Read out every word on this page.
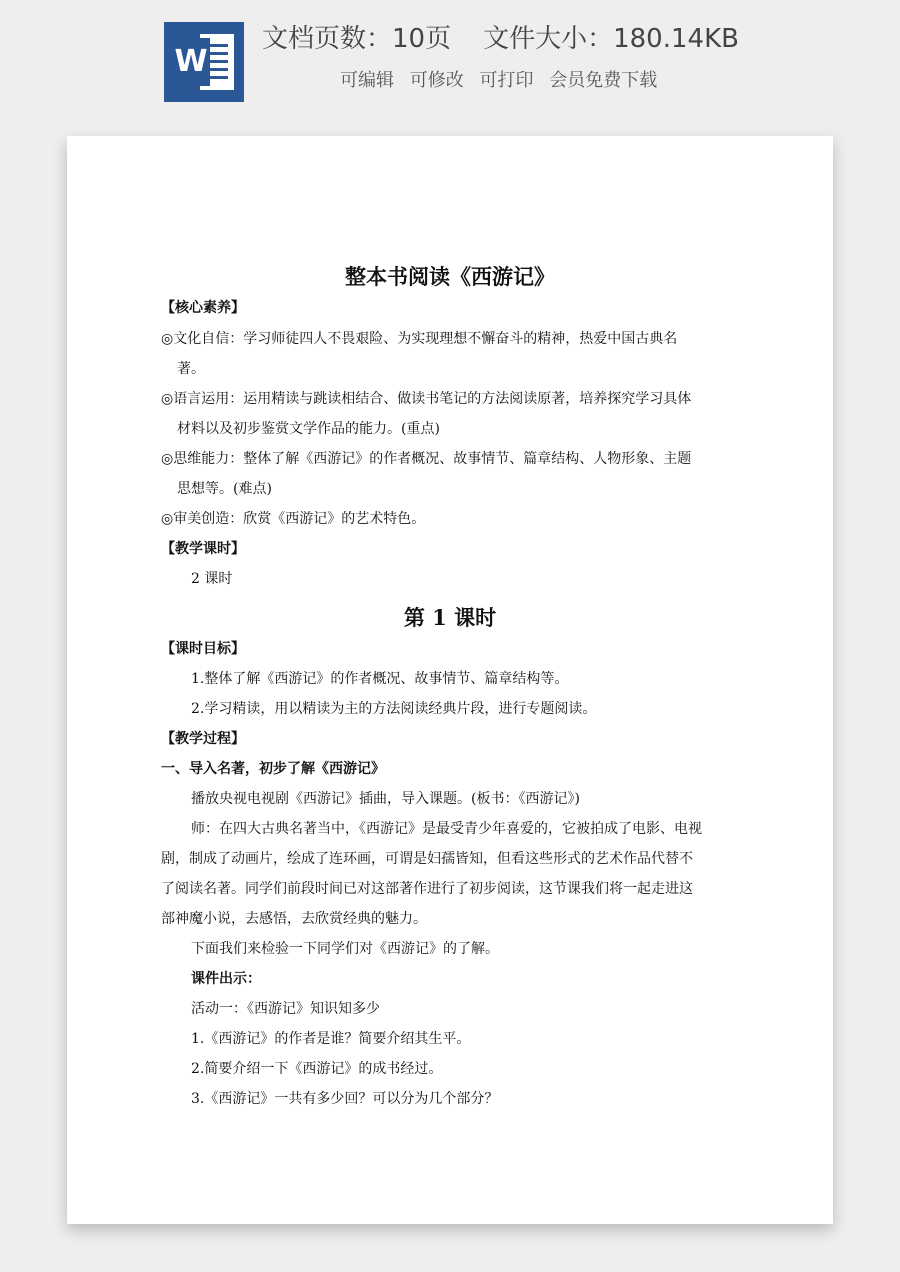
W
文档页数：10页 文件大小：180.14KB
可编辑 可修改 可打印 会员免费下载
整本书阅读《西游记》
【核心素养】
◎文化自信：学习师徒四人不畏艰险、为实现理想不懈奋斗的精神，热爱中国古典名
著。
◎语言运用：运用精读与跳读相结合、做读书笔记的方法阅读原著，培养探究学习具体
材料以及初步鉴赏文学作品的能力。(重点)
◎思维能力：整体了解《西游记》的作者概况、故事情节、篇章结构、人物形象、主题
思想等。(难点)
◎审美创造：欣赏《西游记》的艺术特色。
【教学课时】
2 课时
第 1 课时
【课时目标】
1.整体了解《西游记》的作者概况、故事情节、篇章结构等。
2.学习精读，用以精读为主的方法阅读经典片段，进行专题阅读。
【教学过程】
一、导入名著，初步了解《西游记》
播放央视电视剧《西游记》插曲，导入课题。(板书：《西游记》)
师：在四大古典名著当中，《西游记》是最受青少年喜爱的，它被拍成了电影、电视
剧，制成了动画片，绘成了连环画，可谓是妇孺皆知，但看这些形式的艺术作品代替不
了阅读名著。同学们前段时间已对这部著作进行了初步阅读，这节课我们将一起走进这
部神魔小说，去感悟，去欣赏经典的魅力。
下面我们来检验一下同学们对《西游记》的了解。
课件出示：
活动一：《西游记》知识知多少
1.《西游记》的作者是谁？简要介绍其生平。
2.简要介绍一下《西游记》的成书经过。
3.《西游记》一共有多少回？可以分为几个部分？
